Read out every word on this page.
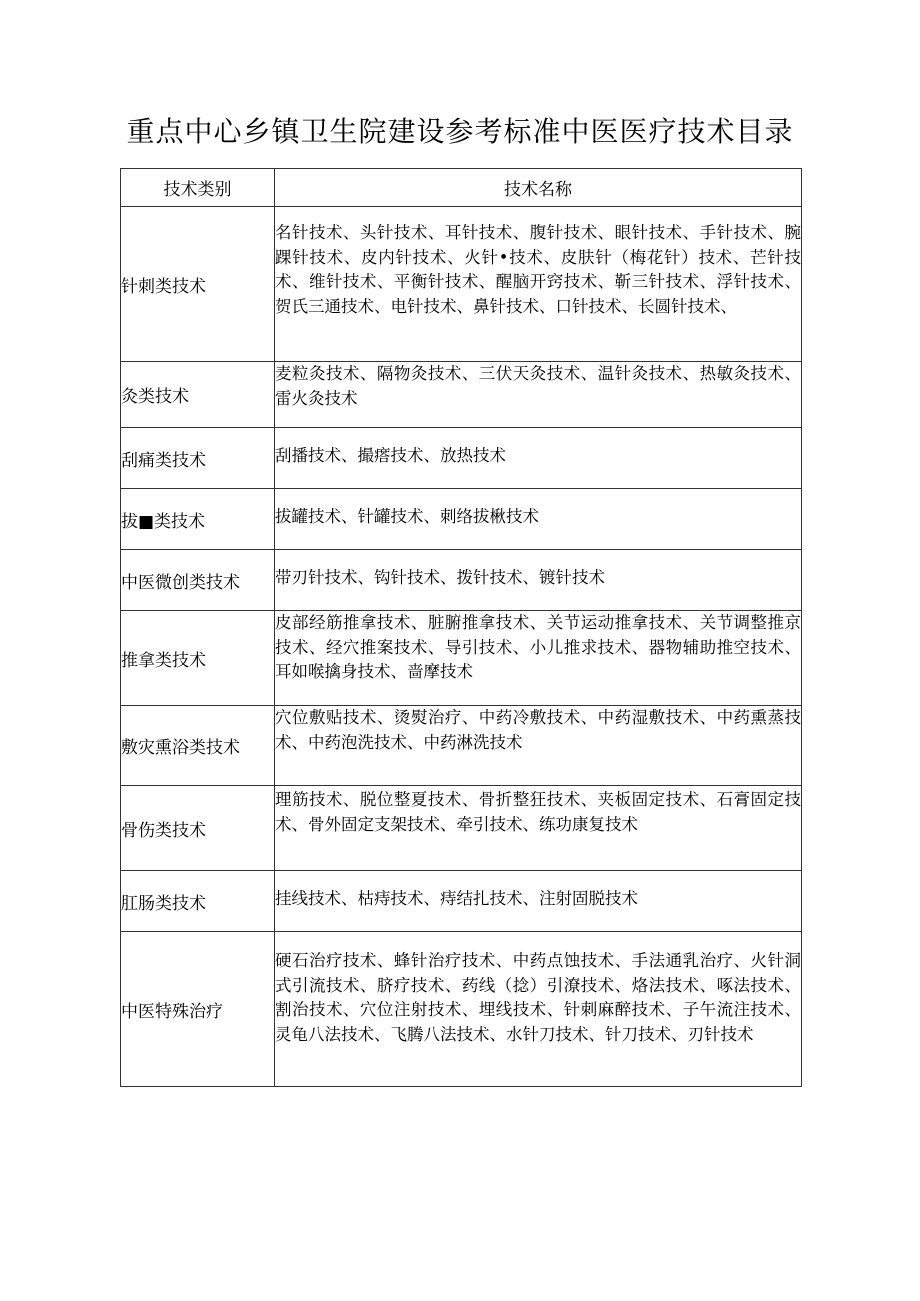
重点中心乡镇卫生院建设参考标准中医医疗技术目录
技术类别	技术名称
针刺类技术	名针技术、头针技术、耳针技术、腹针技术、眼针技术、手针技术、腕踝针技术、皮内针技术、火针•技术、皮肤针（梅花针）技术、芒针技术、维针技术、平衡针技术、醒脑开窍技术、靳三针技术、浮针技术、贺氏三通技术、电针技术、鼻针技术、口针技术、长圆针技术、
灸类技术	麦粒灸技术、隔物灸技术、三伏天灸技术、温针灸技术、热敏灸技术、雷火灸技术
刮痛类技术	刮播技术、撮瘩技术、放热技术
拔■类技术	拔罐技术、针罐技术、刺络拔楸技术
中医微创类技术	带刃针技术、钩针技术、拨针技术、镀针技术
推拿类技术	皮部经筋推拿技术、脏腑推拿技术、关节运动推拿技术、关节调整推京技术、经穴推案技术、导引技术、小儿推求技术、器物辅助推空技术、耳如喉擒身技术、啬摩技术
敷灾熏浴类技术	穴位敷贴技术、烫熨治疗、中药冷敷技术、中药湿敷技术、中药熏蒸技术、中药泡洗技术、中药淋洗技术
骨伤类技术	理筋技术、脱位整夏技术、骨折整狂技术、夹板固定技术、石膏固定技术、骨外固定支架技术、牵引技术、练功康复技术
肛肠类技术	挂线技术、枯痔技术、痔结扎技术、注射固脱技术
中医特殊治疗	硬石治疗技术、蜂针治疗技术、中药点蚀技术、手法通乳治疗、火针洞式引流技术、脐疗技术、药线（捻）引潦技术、烙法技术、啄法技术、割治技术、穴位注射技术、埋线技术、针刺麻醉技术、子午流注技术、灵龟八法技术、飞腾八法技术、水针刀技术、针刀技术、刃针技术
